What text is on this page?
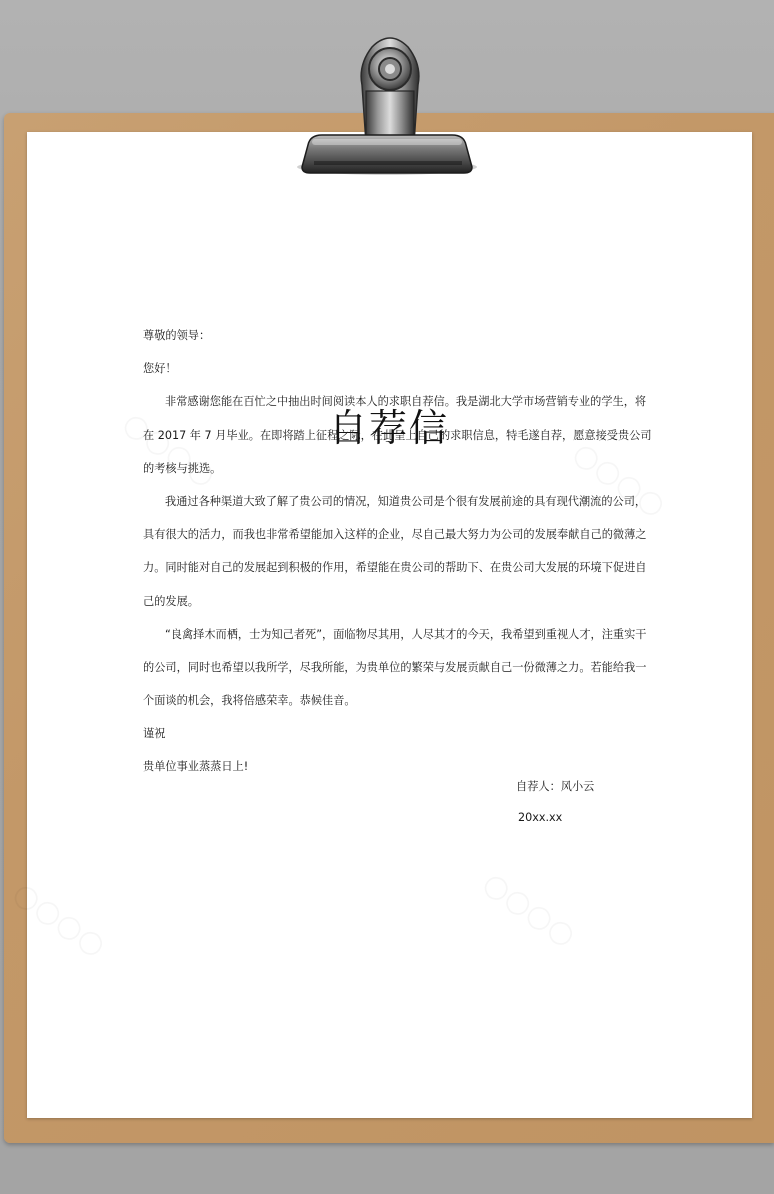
自荐信
尊敬的领导：
您好！
非常感谢您能在百忙之中抽出时间阅读本人的求职自荐信。我是湖北大学市场营销专业的学生，将
在 2017 年 7 月毕业。在即将踏上征程之际，在此呈上自己的求职信息，特毛遂自荐，愿意接受贵公司
的考核与挑选。
我通过各种渠道大致了解了贵公司的情况，知道贵公司是个很有发展前途的具有现代潮流的公司，
具有很大的活力，而我也非常希望能加入这样的企业，尽自己最大努力为公司的发展奉献自己的微薄之
力。同时能对自己的发展起到积极的作用，希望能在贵公司的帮助下、在贵公司大发展的环境下促进自
己的发展。
“良禽择木而栖，士为知己者死”，面临物尽其用，人尽其才的今天，我希望到重视人才，注重实干
的公司，同时也希望以我所学，尽我所能，为贵单位的繁荣与发展贡献自己一份微薄之力。若能给我一
个面谈的机会，我将倍感荣幸。恭候佳音。
谨祝
贵单位事业蒸蒸日上!
自荐人：风小云
20xx.xx
